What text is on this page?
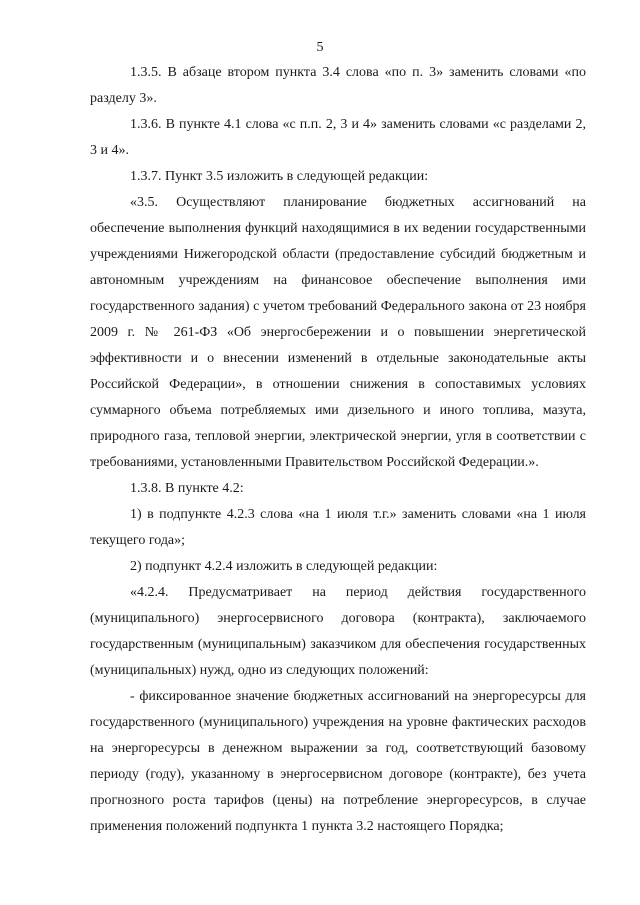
5

1.3.5. В абзаце втором пункта 3.4 слова «по п. 3» заменить словами «по разделу 3».

1.3.6. В пункте 4.1 слова «с п.п. 2, 3 и 4» заменить словами «с разделами 2, 3 и 4».

1.3.7. Пункт 3.5 изложить в следующей редакции:

«3.5. Осуществляют планирование бюджетных ассигнований на обеспечение выполнения функций находящимися в их ведении государственными учреждениями Нижегородской области (предоставление субсидий бюджетным и автономным учреждениям на финансовое обеспечение выполнения ими государственного задания) с учетом требований Федерального закона от 23 ноября 2009 г. № 261-ФЗ «Об энергосбережении и о повышении энергетической эффективности и о внесении изменений в отдельные законодательные акты Российской Федерации», в отношении снижения в сопоставимых условиях суммарного объема потребляемых ими дизельного и иного топлива, мазута, природного газа, тепловой энергии, электрической энергии, угля в соответствии с требованиями, установленными Правительством Российской Федерации.».

1.3.8. В пункте 4.2:

1) в подпункте 4.2.3 слова «на 1 июля т.г.» заменить словами «на 1 июля текущего года»;

2) подпункт 4.2.4 изложить в следующей редакции:

«4.2.4. Предусматривает на период действия государственного (муниципального) энергосервисного договора (контракта), заключаемого государственным (муниципальным) заказчиком для обеспечения государственных (муниципальных) нужд, одно из следующих положений:

- фиксированное значение бюджетных ассигнований на энергоресурсы для государственного (муниципального) учреждения на уровне фактических расходов на энергоресурсы в денежном выражении за год, соответствующий базовому периоду (году), указанному в энергосервисном договоре (контракте), без учета прогнозного роста тарифов (цены) на потребление энергоресурсов, в случае применения положений подпункта 1 пункта 3.2 настоящего Порядка;
